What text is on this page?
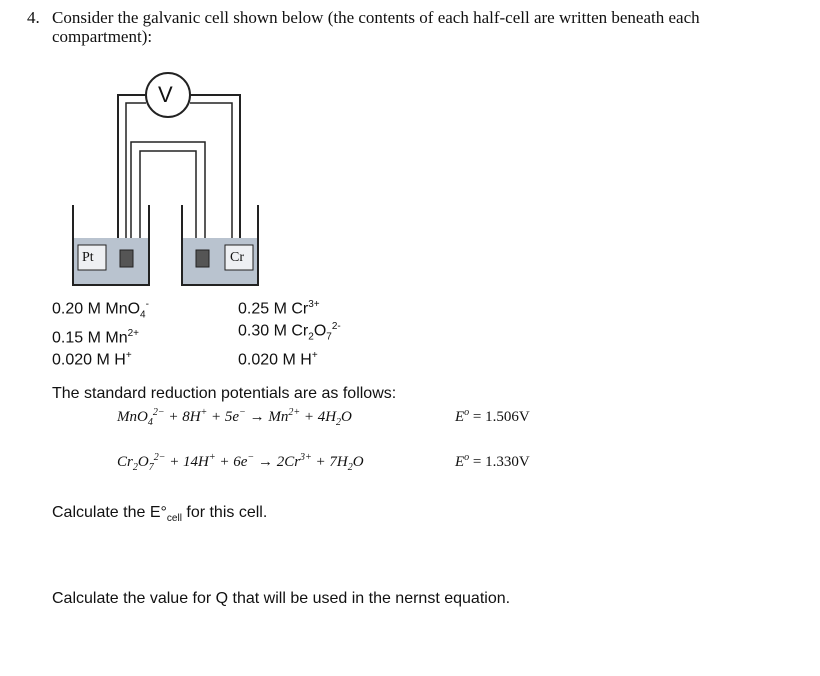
4. Consider the galvanic cell shown below (the contents of each half-cell are written beneath each
compartment):
V
Pt	Cr
0.20 M MnO$_4$-
0.15 M $Mn^{2+}$
0.020 M H+
0.25 M $Cr^{3+}$
0.30 M $Cr_2O_7^{2-}$
0.020 M H+
The standard reduction potentials are as follows:
$MnO_4^{2-} + 8H^+ + 5e^- \to Mn^{2+} + 4H_2O$	$E^o = 1.506V$
$Cr_2O_7^{2-} + 14H^+ + 6e^- \to 2Cr^{3+} + 7H_2O$	$E^o = 1.330V$
Calculate the $E^\circ_{cell}$ for this cell.
Calculate the value for Q that will be used in the nernst equation.
